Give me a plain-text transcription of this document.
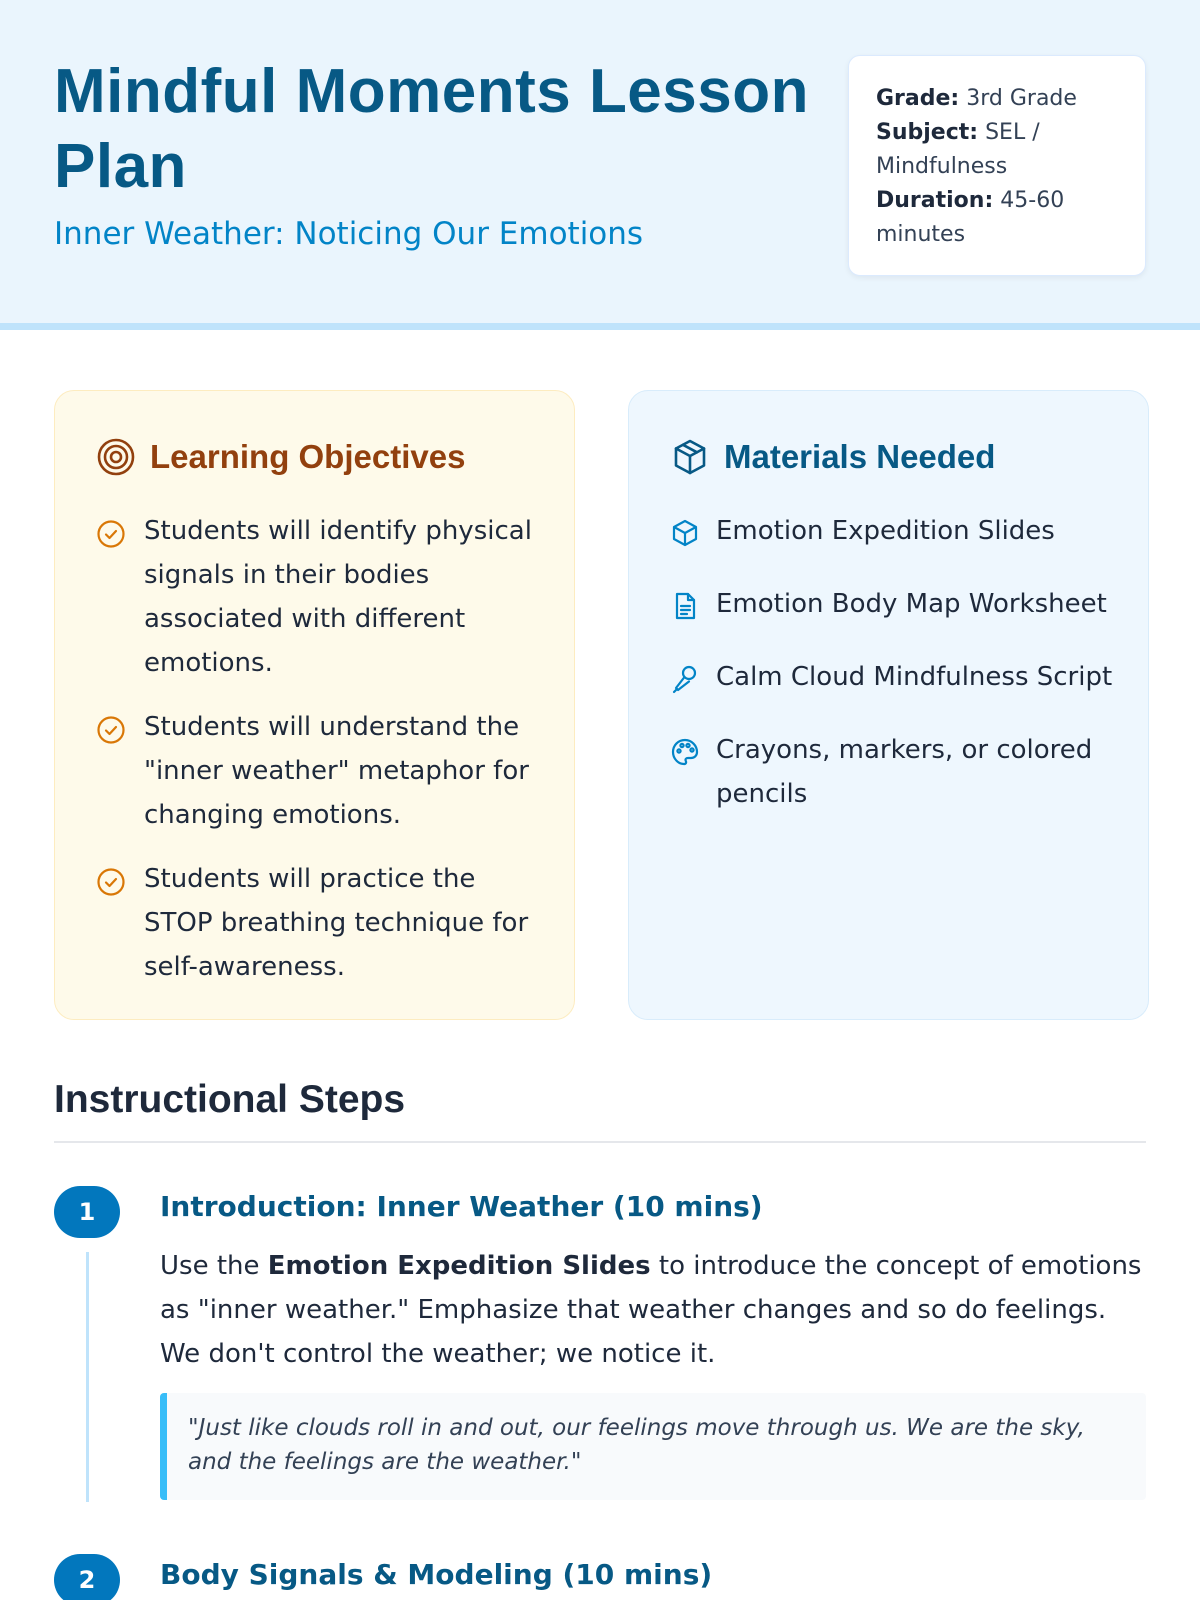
Mindful Moments Lesson Plan
Inner Weather: Noticing Our Emotions
Grade: 3rd Grade
Subject: SEL / Mindfulness
Duration: 45-60 minutes
Learning Objectives
Students will identify physical signals in their bodies associated with different emotions.
Students will understand the "inner weather" metaphor for changing emotions.
Students will practice the STOP breathing technique for self-awareness.
Materials Needed
Emotion Expedition Slides
Emotion Body Map Worksheet
Calm Cloud Mindfulness Script
Crayons, markers, or colored pencils
Instructional Steps
1	Introduction: Inner Weather (10 mins)

Use the Emotion Expedition Slides to introduce the concept of emotions as "inner weather." Emphasize that weather changes and so do feelings. We don't control the weather; we notice it.

"Just like clouds roll in and out, our feelings move through us. We are the sky, and the feelings are the weather."
2	Body Signals & Modeling (10 mins)
